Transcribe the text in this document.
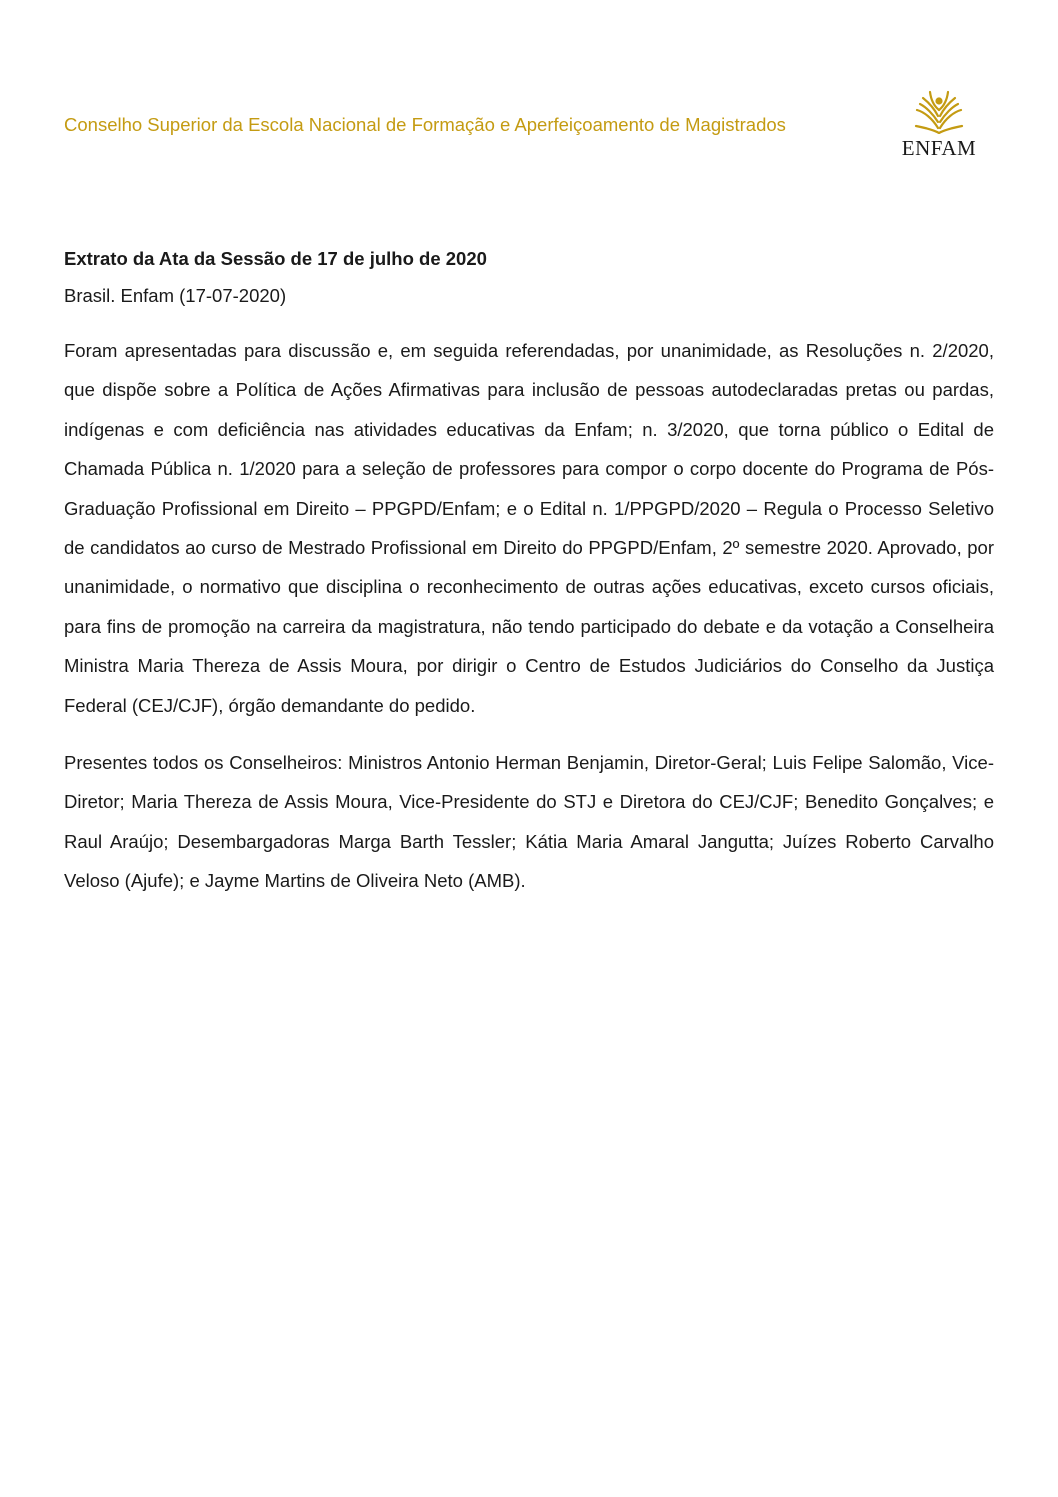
Conselho Superior da Escola Nacional de Formação e Aperfeiçoamento de Magistrados
ENFAM

Extrato da Ata da Sessão de 17 de julho de 2020

Brasil. Enfam (17-07-2020)

Foram apresentadas para discussão e, em seguida referendadas, por unanimidade, as Resoluções n. 2/2020, que dispõe sobre a Política de Ações Afirmativas para inclusão de pessoas autodeclaradas pretas ou pardas, indígenas e com deficiência nas atividades educativas da Enfam; n. 3/2020, que torna público o Edital de Chamada Pública n. 1/2020 para a seleção de professores para compor o corpo docente do Programa de Pós-Graduação Profissional em Direito – PPGPD/Enfam; e o Edital n. 1/PPGPD/2020 – Regula o Processo Seletivo de candidatos ao curso de Mestrado Profissional em Direito do PPGPD/Enfam, 2º semestre 2020. Aprovado, por unanimidade, o normativo que disciplina o reconhecimento de outras ações educativas, exceto cursos oficiais, para fins de promoção na carreira da magistratura, não tendo participado do debate e da votação a Conselheira Ministra Maria Thereza de Assis Moura, por dirigir o Centro de Estudos Judiciários do Conselho da Justiça Federal (CEJ/CJF), órgão demandante do pedido.

Presentes todos os Conselheiros: Ministros Antonio Herman Benjamin, Diretor-Geral; Luis Felipe Salomão, Vice-Diretor; Maria Thereza de Assis Moura, Vice-Presidente do STJ e Diretora do CEJ/CJF; Benedito Gonçalves; e Raul Araújo; Desembargadoras Marga Barth Tessler; Kátia Maria Amaral Jangutta; Juízes Roberto Carvalho Veloso (Ajufe); e Jayme Martins de Oliveira Neto (AMB).
